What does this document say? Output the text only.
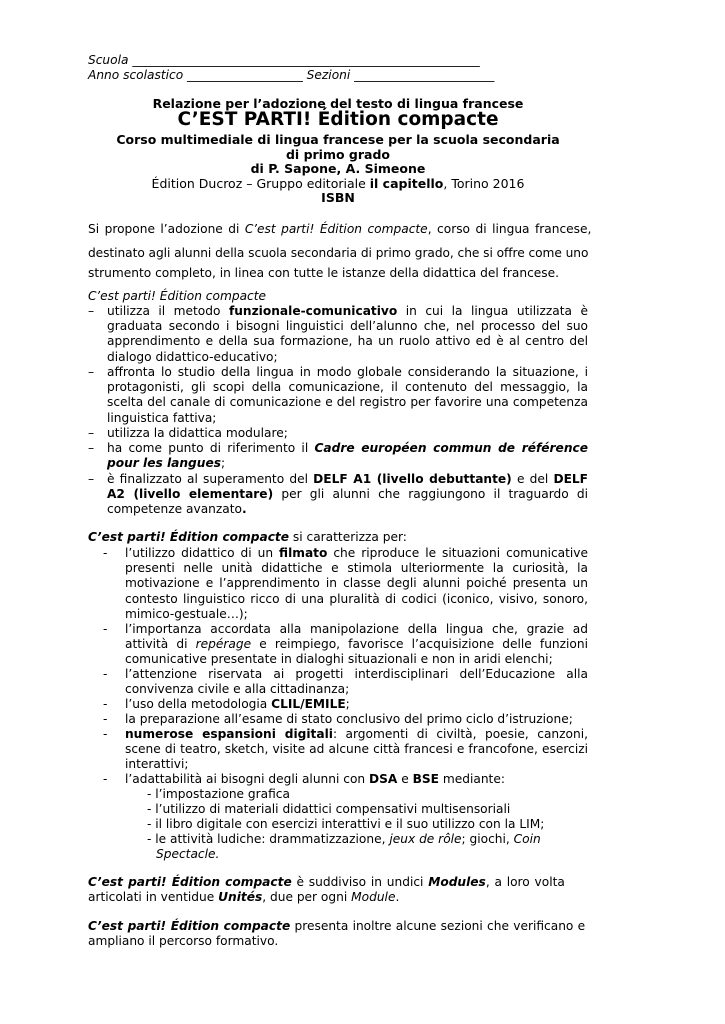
Scuola _________________________________________________________
Anno scolastico ___________________ Sezioni _______________________
Relazione per l’adozione del testo di lingua francese
C’EST PARTI! Édition compacte
Corso multimediale di lingua francese per la scuola secondaria
di primo grado
di P. Sapone, A. Simeone
Édition Ducroz – Gruppo editoriale il capitello, Torino 2016
ISBN
Si propone l’adozione di C’est parti! Édition compacte, corso di lingua francese,
destinato agli alunni della scuola secondaria di primo grado, che si offre come uno
strumento completo, in linea con tutte le istanze della didattica del francese.
C’est parti! Édition compacte
– utilizza il metodo funzionale-comunicativo in cui la lingua utilizzata è graduata secondo i bisogni linguistici dell’alunno che, nel processo del suo apprendimento e della sua formazione, ha un ruolo attivo ed è al centro del dialogo didattico-educativo;
– affronta lo studio della lingua in modo globale considerando la situazione, i protagonisti, gli scopi della comunicazione, il contenuto del messaggio, la scelta del canale di comunicazione e del registro per favorire una competenza linguistica fattiva;
– utilizza la didattica modulare;
– ha come punto di riferimento il Cadre européen commun de référence pour les langues;
– è finalizzato al superamento del DELF A1 (livello debuttante) e del DELF A2 (livello elementare) per gli alunni che raggiungono il traguardo di competenze avanzato.
C’est parti! Édition compacte si caratterizza per:
- l’utilizzo didattico di un filmato che riproduce le situazioni comunicative presenti nelle unità didattiche e stimola ulteriormente la curiosità, la motivazione e l’apprendimento in classe degli alunni poiché presenta un contesto linguistico ricco di una pluralità di codici (iconico, visivo, sonoro, mimico-gestuale…);
- l’importanza accordata alla manipolazione della lingua che, grazie ad attività di repérage e reimpiego, favorisce l’acquisizione delle funzioni comunicative presentate in dialoghi situazionali e non in aridi elenchi;
- l’attenzione riservata ai progetti interdisciplinari dell’Educazione alla convivenza civile e alla cittadinanza;
- l’uso della metodologia CLIL/EMILE;
- la preparazione all’esame di stato conclusivo del primo ciclo d’istruzione;
- numerose espansioni digitali: argomenti di civiltà, poesie, canzoni, scene di teatro, sketch, visite ad alcune città francesi e francofone, esercizi interattivi;
- l’adattabilità ai bisogni degli alunni con DSA e BSE mediante:
- l’impostazione grafica
- l’utilizzo di materiali didattici compensativi multisensoriali
- il libro digitale con esercizi interattivi e il suo utilizzo con la LIM;
- le attività ludiche: drammatizzazione, jeux de rôle; giochi, Coin
Spectacle.
C’est parti! Édition compacte è suddiviso in undici Modules, a loro volta
articolati in ventidue Unités, due per ogni Module.
C’est parti! Édition compacte presenta inoltre alcune sezioni che verificano e
ampliano il percorso formativo.
